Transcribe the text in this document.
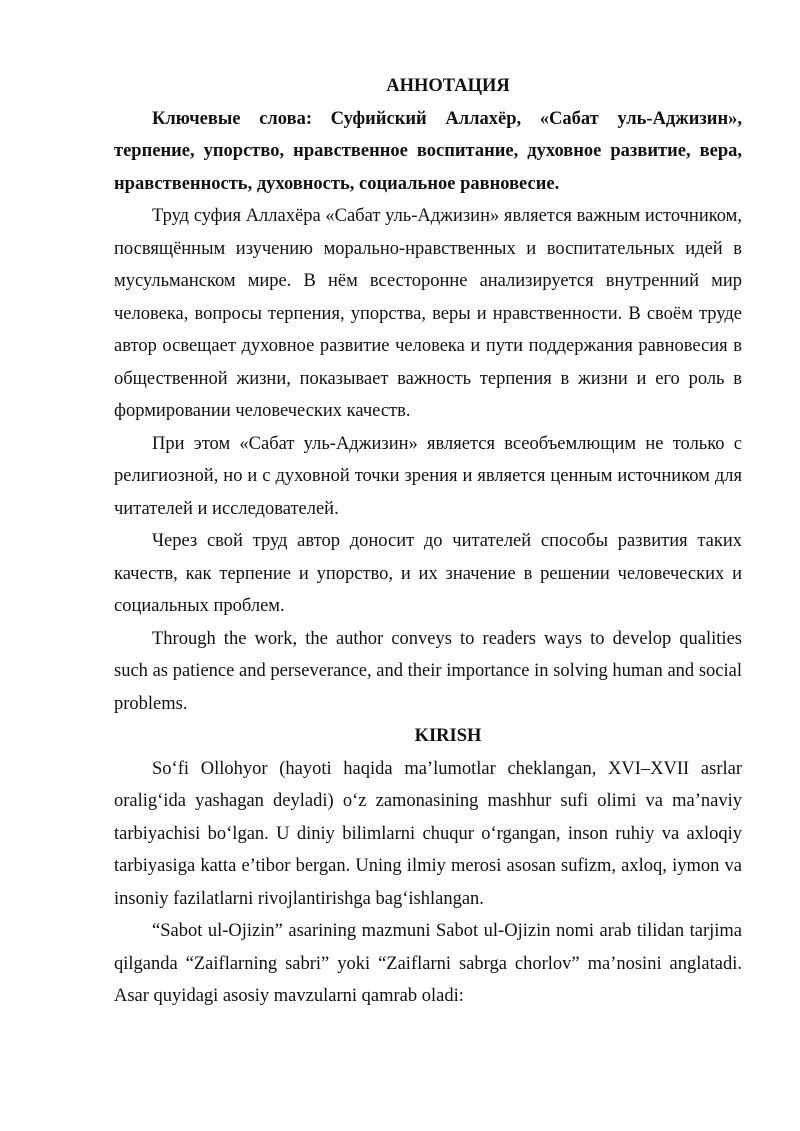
АННОТАЦИЯ

Ключевые слова: Суфийский Аллахёр, «Сабат уль-Аджизин», терпение, упорство, нравственное воспитание, духовное развитие, вера, нравственность, духовность, социальное равновесие.

Труд суфия Аллахёра «Сабат уль-Аджизин» является важным источником, посвящённым изучению морально-нравственных и воспитательных идей в мусульманском мире. В нём всесторонне анализируется внутренний мир человека, вопросы терпения, упорства, веры и нравственности. В своём труде автор освещает духовное развитие человека и пути поддержания равновесия в общественной жизни, показывает важность терпения в жизни и его роль в формировании человеческих качеств.

При этом «Сабат уль-Аджизин» является всеобъемлющим не только с религиозной, но и с духовной точки зрения и является ценным источником для читателей и исследователей.

Через свой труд автор доносит до читателей способы развития таких качеств, как терпение и упорство, и их значение в решении человеческих и социальных проблем.

Through the work, the author conveys to readers ways to develop qualities such as patience and perseverance, and their importance in solving human and social problems.

KIRISH

So‘fi Ollohyor (hayoti haqida ma’lumotlar cheklangan, XVI–XVII asrlar oralig‘ida yashagan deyladi) o‘z zamonasining mashhur sufi olimi va ma’naviy tarbiyachisi bo‘lgan. U diniy bilimlarni chuqur o‘rgangan, inson ruhiy va axloqiy tarbiyasiga katta e’tibor bergan. Uning ilmiy merosi asosan sufizm, axloq, iymon va insoniy fazilatlarni rivojlantirishga bag‘ishlangan.

“Sabot ul-Ojizin” asarining mazmuni Sabot ul-Ojizin nomi arab tilidan tarjima qilganda “Zaiflarning sabri” yoki “Zaiflarni sabrga chorlov” ma’nosini anglatadi. Asar quyidagi asosiy mavzularni qamrab oladi:
